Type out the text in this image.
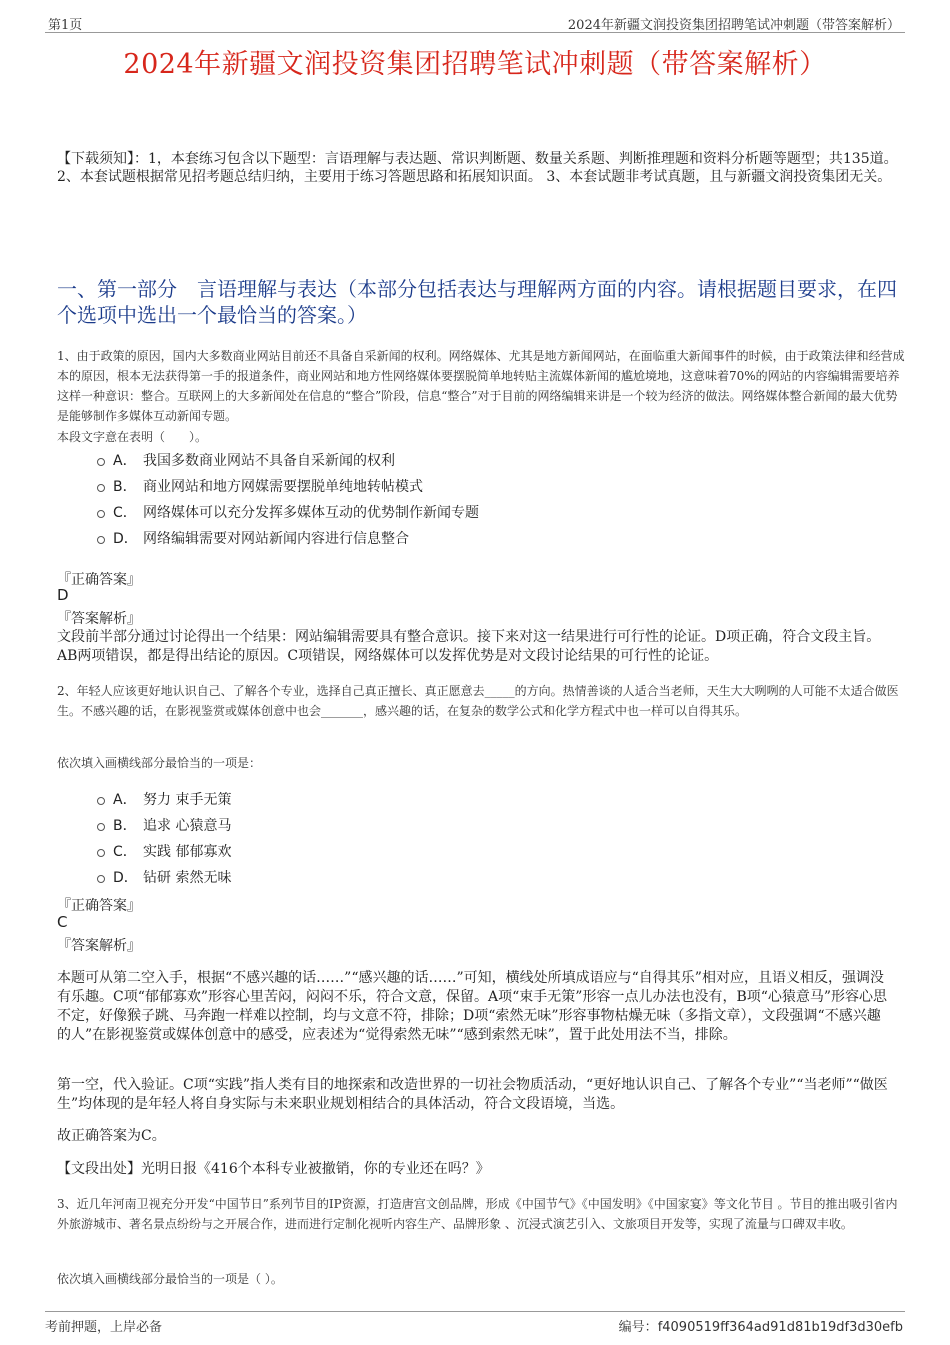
第1页	2024年新疆文润投资集团招聘笔试冲刺题（带答案解析）
2024年新疆文润投资集团招聘笔试冲刺题（带答案解析）
【下载须知】：1，本套练习包含以下题型：言语理解与表达题、常识判断题、数量关系题、判断推理题和资料分析题等题型；共135道。 2、本套试题根据常见招考题总结归纳，主要用于练习答题思路和拓展知识面。 3、本套试题非考试真题，且与新疆文润投资集团无关。
一、第一部分　言语理解与表达（本部分包括表达与理解两方面的内容。请根据题目要求，在四个选项中选出一个最恰当的答案。）
1、由于政策的原因，国内大多数商业网站目前还不具备自采新闻的权利。网络媒体、尤其是地方新闻网站，在面临重大新闻事件的时候，由于政策法律和经营成本的原因，根本无法获得第一手的报道条件，商业网站和地方性网络媒体要摆脱简单地转贴主流媒体新闻的尴尬境地，这意味着70%的网站的内容编辑需要培养这样一种意识：整合。互联网上的大多新闻处在信息的“整合”阶段，信息“整合”对于目前的网络编辑来讲是一个较为经济的做法。网络媒体整合新闻的最大优势是能够制作多媒体互动新闻专题。
本段文字意在表明（　　）。
A． 我国多数商业网站不具备自采新闻的权利
B． 商业网站和地方网媒需要摆脱单纯地转帖模式
C． 网络媒体可以充分发挥多媒体互动的优势制作新闻专题
D． 网络编辑需要对网站新闻内容进行信息整合
『正确答案』
D
『答案解析』
文段前半部分通过讨论得出一个结果：网站编辑需要具有整合意识。接下来对这一结果进行可行性的论证。D项正确，符合文段主旨。AB两项错误，都是得出结论的原因。C项错误，网络媒体可以发挥优势是对文段讨论结果的可行性的论证。
2、年轻人应该更好地认识自己、了解各个专业，选择自己真正擅长、真正愿意去_____的方向。热情善谈的人适合当老师，天生大大咧咧的人可能不太适合做医生。不感兴趣的话，在影视鉴赏或媒体创意中也会_______，感兴趣的话，在复杂的数学公式和化学方程式中也一样可以自得其乐。
依次填入画横线部分最恰当的一项是：
A． 努力 束手无策
B． 追求 心猿意马
C． 实践 郁郁寡欢
D． 钻研 索然无味
『正确答案』
C
『答案解析』
本题可从第二空入手，根据“不感兴趣的话……”“感兴趣的话……”可知，横线处所填成语应与“自得其乐”相对应，且语义相反，强调没有乐趣。C项“郁郁寡欢”形容心里苦闷，闷闷不乐，符合文意，保留。A项“束手无策”形容一点儿办法也没有，B项“心猿意马”形容心思不定，好像猴子跳、马奔跑一样难以控制，均与文意不符，排除；D项“索然无味”形容事物枯燥无味（多指文章），文段强调“不感兴趣的人”在影视鉴赏或媒体创意中的感受，应表述为“觉得索然无味”“感到索然无味”，置于此处用法不当，排除。
第一空，代入验证。C项“实践”指人类有目的地探索和改造世界的一切社会物质活动，“更好地认识自己、了解各个专业”“当老师”“做医生”均体现的是年轻人将自身实际与未来职业规划相结合的具体活动，符合文段语境，当选。
故正确答案为C。
【文段出处】光明日报《416个本科专业被撤销，你的专业还在吗？》
3、近几年河南卫视充分开发“中国节日”系列节目的IP资源，打造唐宫文创品牌，形成《中国节气》《中国发明》《中国家宴》等文化节目 。节目的推出吸引省内外旅游城市、著名景点纷纷与之开展合作，进而进行定制化视听内容生产、品牌形象 、沉浸式演艺引入、文旅项目开发等，实现了流量与口碑双丰收。
依次填入画横线部分最恰当的一项是（ ）。
考前押题，上岸必备	编号：f4090519ff364ad91d81b19df3d30efb
